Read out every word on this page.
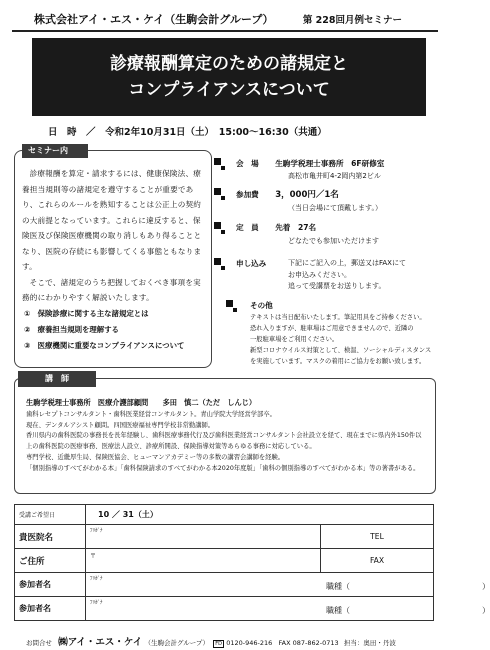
株式会社アイ・エス・ケイ（生駒会計グループ）	第 228回月例セミナー
診療報酬算定のための諸規定と
コンプライアンスについて
日　時　／　令和2年10月31日（土）　15:00〜16:30（共通）
セミナー内
診療報酬を算定・請求するには、健康保険法、療養担当規則等の諸規定を遵守することが重要であり、これらのルールを熟知することは公正上の契約の大前提となっています。これらに違反すると、保険医及び保険医療機関の取り消しもあり得ることとなり、医院の存続にも影響してくる事態ともなります。
そこで、諸規定のうち把握しておくべき事項を実務的にわかりやすく解説いたします。
①　保険診療に関する主な諸規定とは
②　療養担当規則を理解する
③　医療機関に重要なコンプライアンスについて
会　場 生駒学税理士事務所　6F研修室
高松市亀井町4-2岡内第2ビル
参加費 3，000円／1名
（当日会場にて頂戴します。）
定　員 先着　27名
どなたでも参加いただけます
申し込み	下記にご記入の上，郵送又はFAXにて
お申込みください。
追って受講票をお送りします。
その他
テキストは当日配布いたします。筆記用具をご持参ください。
恐れ入りますが、駐車場はご用意できませんので、近隣の
一般駐車場をご利用ください。
新型コロナウイルス対策として、検温、ソーシャルディスタンス
を実施しています。マスクの着用にご協力をお願い致します。
講　師
生駒学税理士事務所　医療介護部顧問　　多田　慎二（ただ　しんじ）
歯科レセプトコンサルタント・歯科医業経営コンサルタント。青山学院大学経営学部卒。
現在、デンタルアシスト顧問。四国医療福祉専門学校非常勤講師。
香川県内の歯科医院の事務長を長年経験し、歯科医療事務代行及び歯科医業経営コンサルタント会社設立を経て、現在までに県内外150件以上の歯科医院の医療事務、医療法人設立、診療所開設、保険指導対策等あらゆる事務に対応している。
専門学校、近畿厚生局、保険医協会、ヒューマンアカデミー等の多数の講習会講師を経験。
「個別指導のすべてがわかる本」「歯科保険請求のすべてがわかる本2020年度版」「歯科の個別指導のすべてがわかる本」等の著書がある。
受講ご希望日	10 ／ 31（土）	
貴医院名	ﾌﾘｶﾞﾅ	TEL
ご住所	〒	FAX
参加者名	ﾌﾘｶﾞﾅ
職種（ ）	

参加者名	ﾌﾘｶﾞﾅ
職種（ ）	
お問合せ ㈱アイ・エス・ケイ （生駒会計グループ） FD 0120-946-216 FAX 087-862-0713 担当：奥田・丹波
